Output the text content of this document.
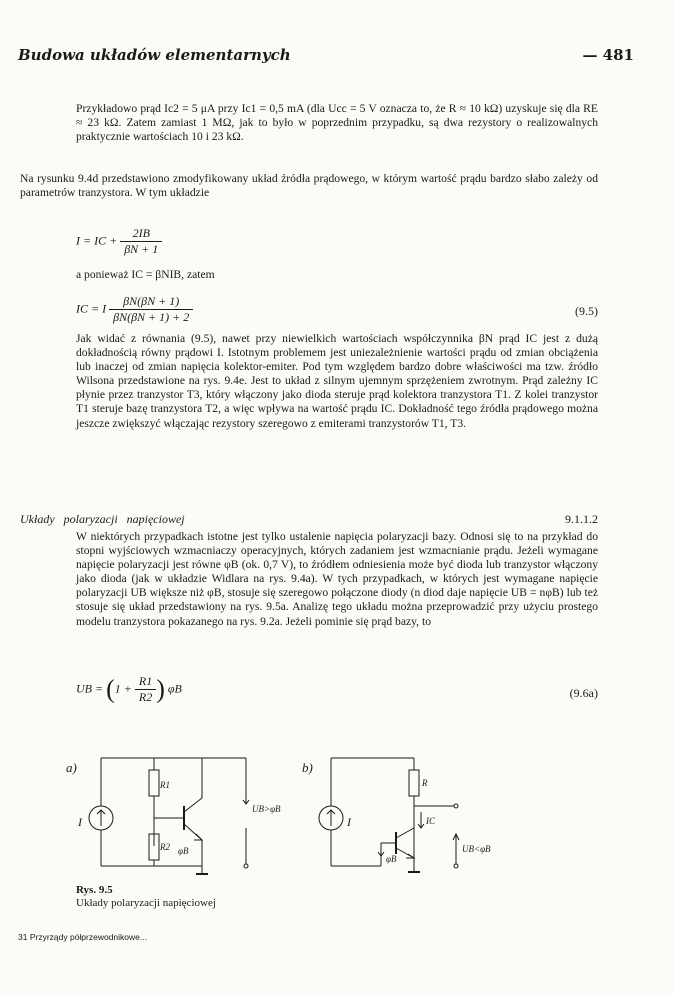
Budowa układów elementarnych	— 481
Przykładowo prąd Ic2 = 5 μA przy Ic1 = 0,5 mA (dla Ucc = 5 V oznacza to, że R ≈ 10 kΩ) uzyskuje się dla RE ≈ 23 kΩ. Zatem zamiast 1 MΩ, jak to było w poprzednim przypadku, są dwa rezystory o realizowalnych praktycznie wartościach 10 i 23 kΩ.
Na rysunku 9.4d przedstawiono zmodyfikowany układ źródła prądowego, w którym wartość prądu bardzo słabo zależy od parametrów tranzystora. W tym układzie
I = IC + $\frac{2IB}{\beta N + 1}$
a ponieważ IC = βNIB, zatem
IC = I $\frac{\beta N(\beta N + 1)}{\beta N(\beta N + 1) + 2}$	(9.5)
Jak widać z równania (9.5), nawet przy niewielkich wartościach współczynnika βN prąd IC jest z dużą dokładnością równy prądowi I. Istotnym problemem jest uniezależnienie wartości prądu od zmian obciążenia lub inaczej od zmian napięcia kolektor-emiter. Pod tym względem bardzo dobre właściwości ma tzw. źródło Wilsona przedstawione na rys. 9.4e. Jest to układ z silnym ujemnym sprzężeniem zwrotnym. Prąd zależny IC płynie przez tranzystor T3, który włączony jako dioda steruje prąd kolektora tranzystora T1. Z kolei tranzystor T1 steruje bazę tranzystora T2, a więc wpływa na wartość prądu IC. Dokładność tego źródła prądowego można jeszcze zwiększyć włączając rezystory szeregowo z emiterami tranzystorów T1, T3.
Układy polaryzacji napięciowej	9.1.1.2
W niektórych przypadkach istotne jest tylko ustalenie napięcia polaryzacji bazy. Odnosi się to na przykład do stopni wyjściowych wzmacniaczy operacyjnych, których zadaniem jest wzmacnianie prądu. Jeżeli wymagane napięcie polaryzacji jest równe φB (ok. 0,7 V), to źródłem odniesienia może być dioda lub tranzystor włączony jako dioda (jak w układzie Widlara na rys. 9.4a). W tych przypadkach, w których jest wymagane napięcie polaryzacji UB większe niż φB, stosuje się szeregowo połączone diody (n diod daje napięcie UB = nφB) lub też stosuje się układ przedstawiony na rys. 9.5a. Analizę tego układu można przeprowadzić przy użyciu prostego modelu tranzystora pokazanego na rys. 9.2a. Jeżeli pominie się prąd bazy, to
UB = ($1 + \frac{R1}{R2}$ ) φB	(9.6a)
a)
I
R1
R2 φB
UB>φB
b)
I
R
UB<φB
IC
φB
Rys. 9.5
Układy polaryzacji napięciowej
31 Przyrządy półprzewodnikowe...
